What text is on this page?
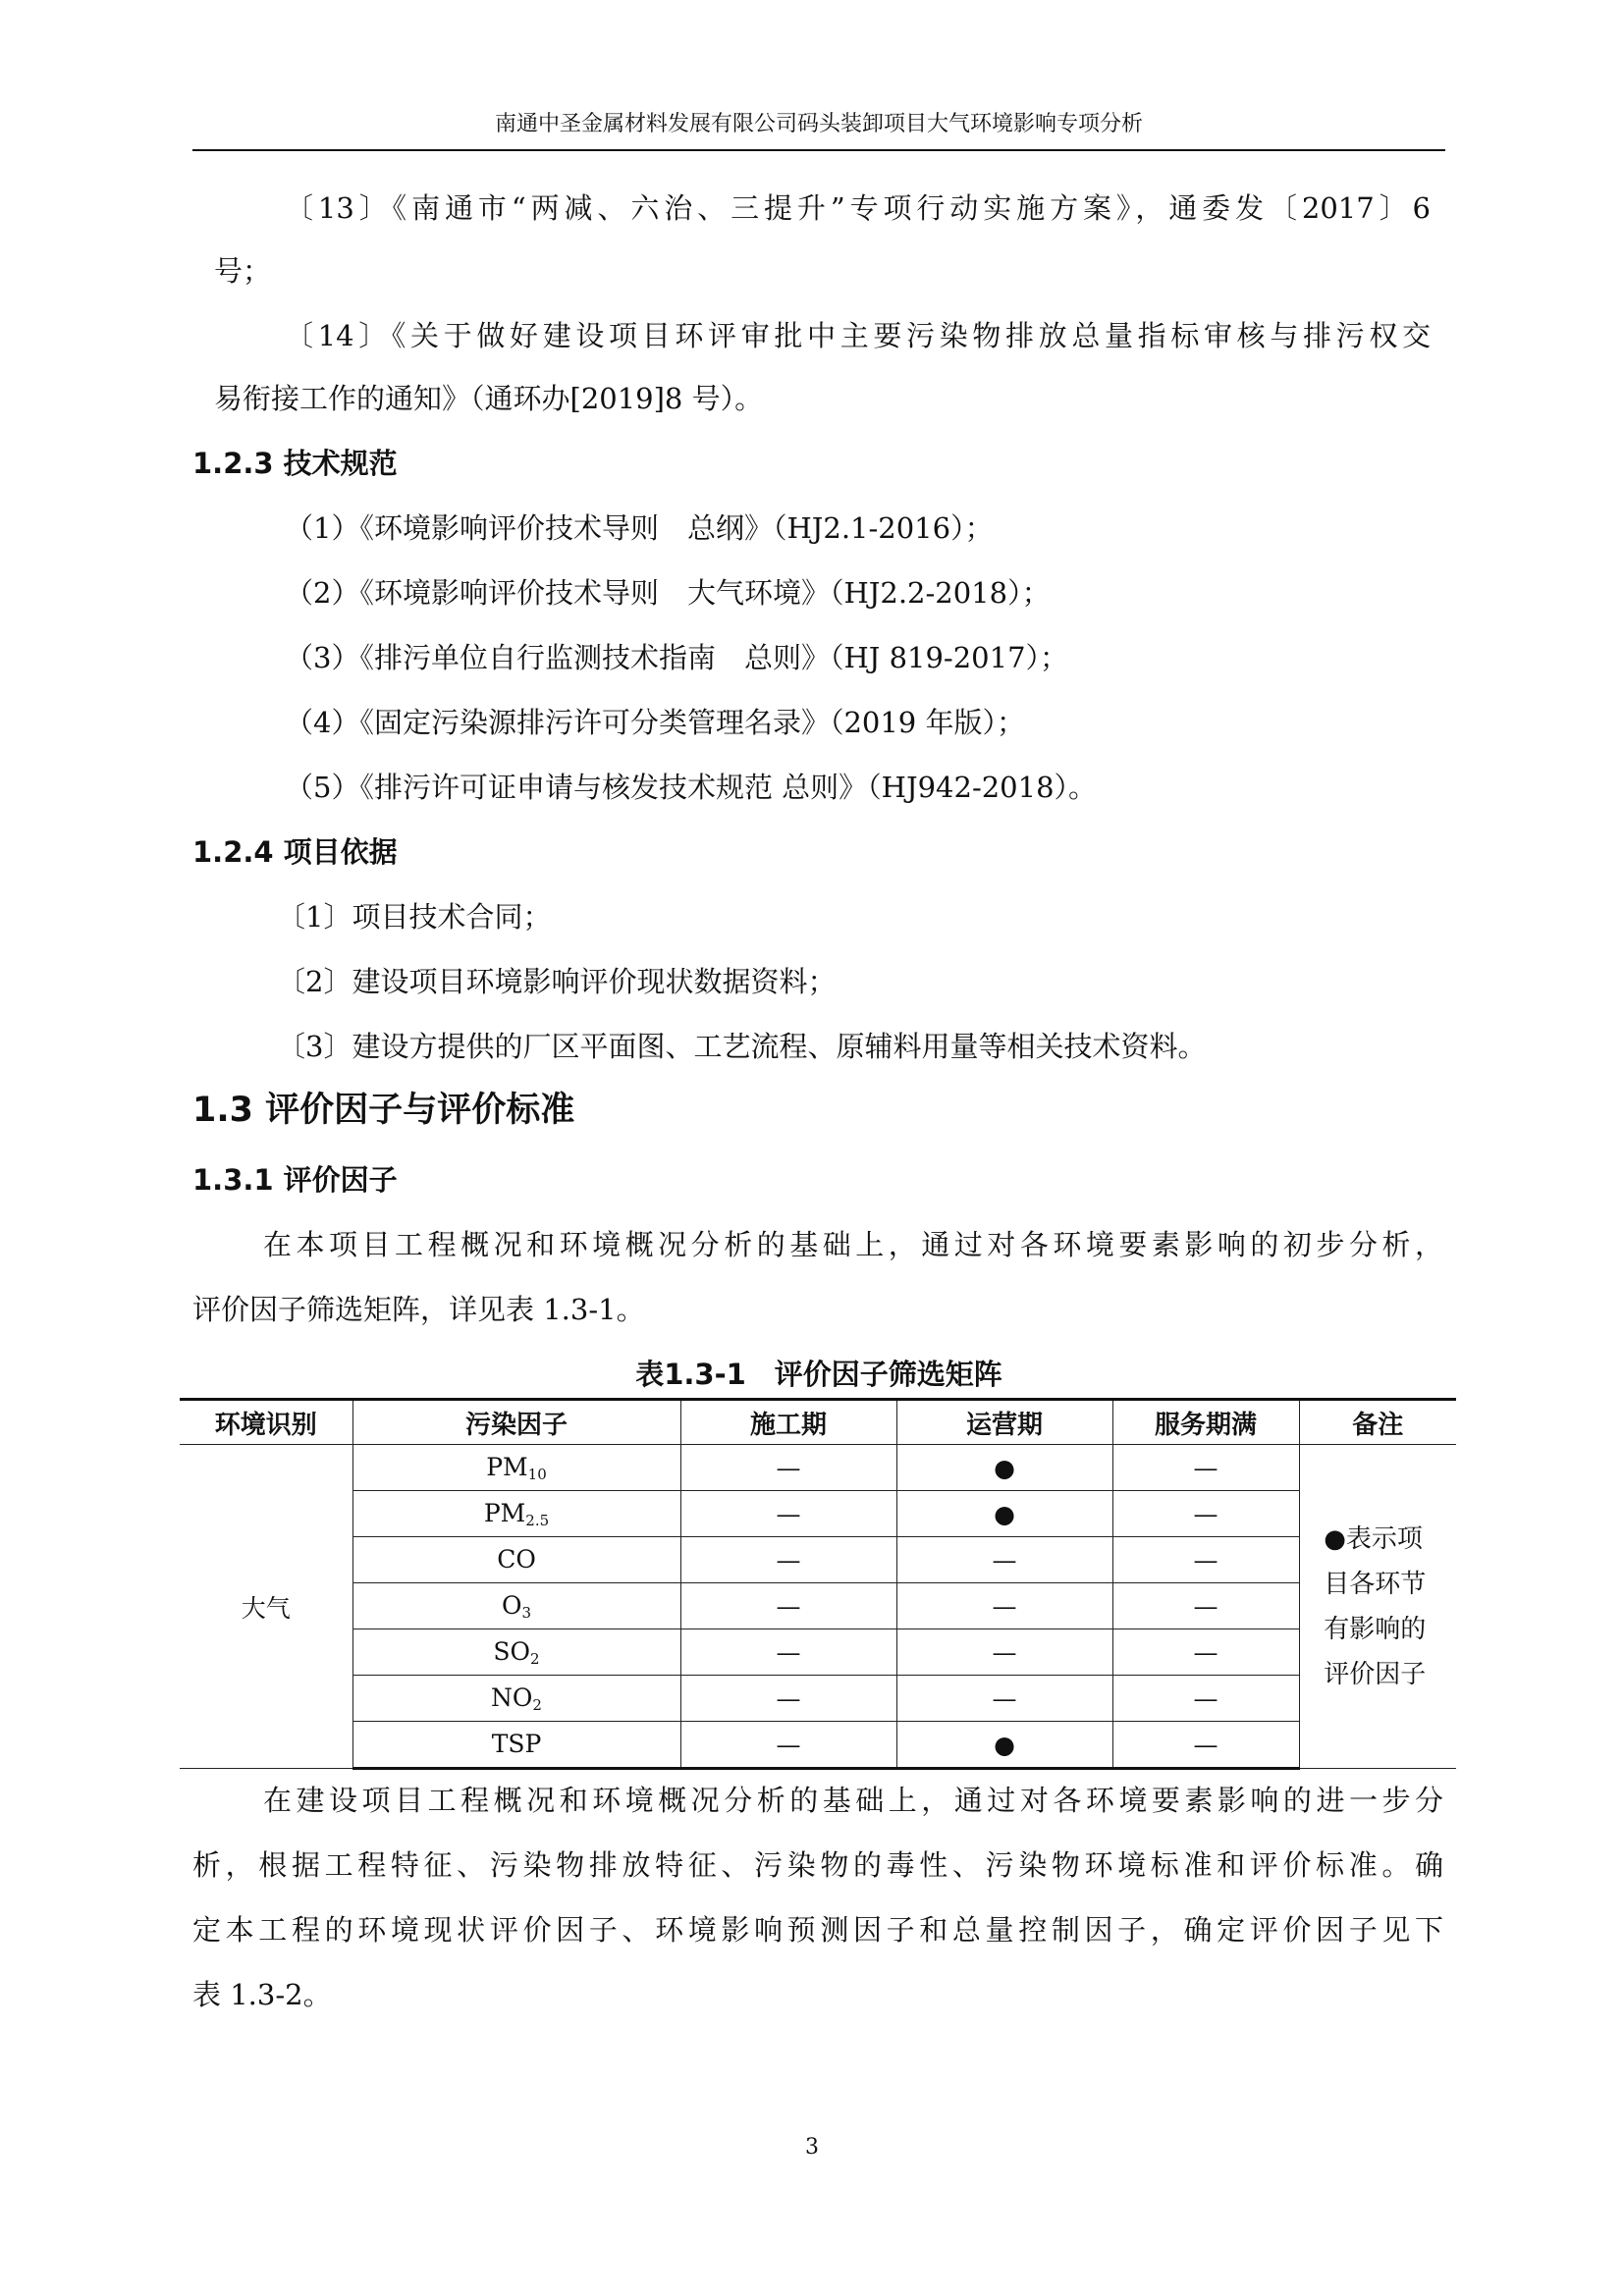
南通中圣金属材料发展有限公司码头装卸项目大气环境影响专项分析
〔13〕《南通市“两减、六治、三提升”专项行动实施方案》，通委发〔2017〕6
号；
〔14〕《关于做好建设项目环评审批中主要污染物排放总量指标审核与排污权交
易衔接工作的通知》（通环办[2019]8 号）。
1.2.3 技术规范
（1）《环境影响评价技术导则　总纲》（HJ2.1-2016）；
（2）《环境影响评价技术导则　大气环境》（HJ2.2-2018）；
（3）《排污单位自行监测技术指南　总则》（HJ 819-2017）；
（4）《固定污染源排污许可分类管理名录》（2019 年版）；
（5）《排污许可证申请与核发技术规范 总则》（HJ942-2018）。
1.2.4 项目依据
〔1〕项目技术合同；
〔2〕建设项目环境影响评价现状数据资料；
〔3〕建设方提供的厂区平面图、工艺流程、原辅料用量等相关技术资料。
1.3 评价因子与评价标准
1.3.1 评价因子
在本项目工程概况和环境概况分析的基础上，通过对各环境要素影响的初步分析，
评价因子筛选矩阵，详见表 1.3-1。
表1.3-1　评价因子筛选矩阵
环境识别	污染因子	施工期	运营期	服务期满	备注
大气	$PM_{10}$	—	●	—	●表示项目各环节有影响的评价因子
	$PM_{2.5}$	—	●	—	
	CO	—	—	—	
	$O_3$	—	—	—	
	$SO_2$	—	—	—	
	$NO_2$	—	—	—	
	TSP	—	●	—	
在建设项目工程概况和环境概况分析的基础上，通过对各环境要素影响的进一步分
析，根据工程特征、污染物排放特征、污染物的毒性、污染物环境标准和评价标准。确
定本工程的环境现状评价因子、环境影响预测因子和总量控制因子，确定评价因子见下
表 1.3-2。
3
